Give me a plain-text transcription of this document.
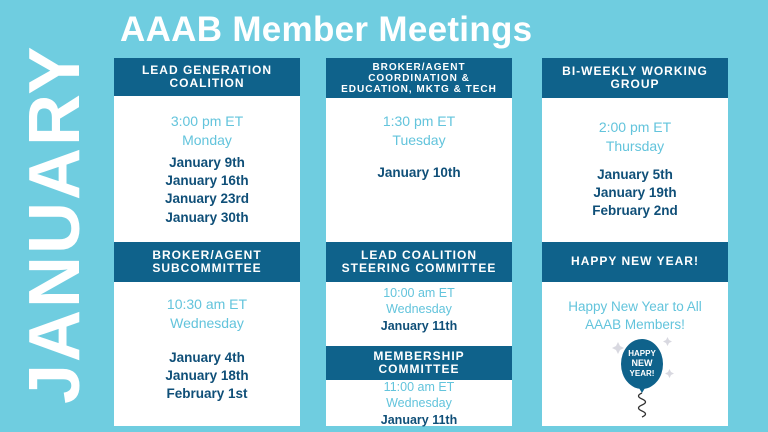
AAAB Member Meetings
JANUARY	LEAD GENERATION
COALITION
3:00 pm ET
Monday
January 9th
January 16th
January 23rd
January 30th
BROKER/AGENT
SUBCOMMITTEE
10:30 am ET
Wednesday
January 4th
January 18th
February 1st
BROKER/AGENT
COORDINATION &
EDUCATION, MKTG & TECH
1:30 pm ET
Tuesday
January 10th
LEAD COALITION
STEERING COMMITTEE
10:00 am ET
Wednesday
January 11th
MEMBERSHIP
COMMITTEE
11:00 am ET
Wednesday
January 11th
BI-WEEKLY WORKING
GROUP
2:00 pm ET
Thursday
January 5th
January 19th
February 2nd
HAPPY NEW YEAR!
Happy New Year to All
AAAB Members!
HAPPY
NEW
YEAR!
